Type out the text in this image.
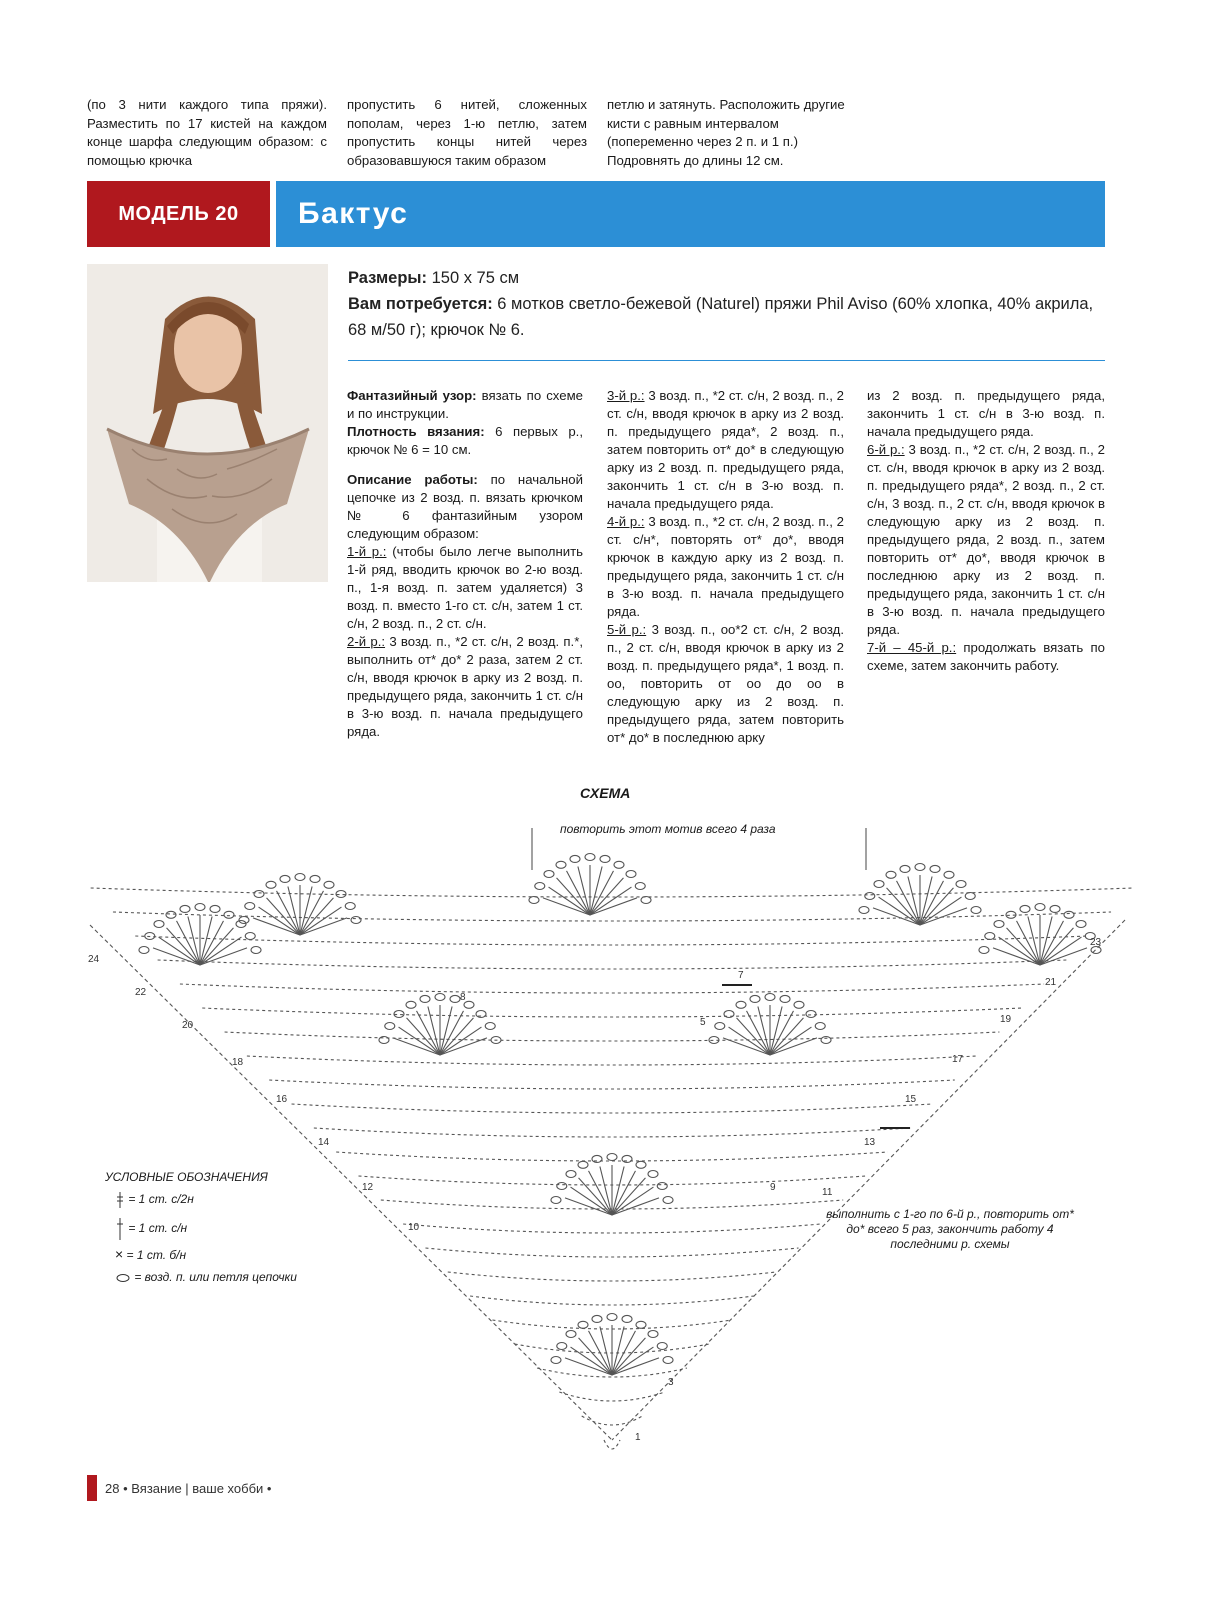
(по 3 нити каждого типа пряжи). Разместить по 17 кистей на каждом конце шарфа следующим образом: с помощью крючка
пропустить 6 нитей, сложенных пополам, через 1-ю петлю, затем пропустить концы нитей через образовавшуюся таким образом
петлю и затянуть. Расположить другие кисти с равным интервалом (попеременно через 2 п. и 1 п.) Подровнять до длины 12 см.
МОДЕЛЬ 20	Бактус
Размеры: 150 х 75 см
Вам потребуется: 6 мотков светло-бежевой (Naturel) пряжи Phil Aviso (60% хлопка, 40% акрила, 68 м/50 г); крючок № 6.

Фантазийный узор: вязать по схеме и по инструкции.

Плотность вязания: 6 первых р., крючок № 6 = 10 см.

Описание работы: по начальной цепочке из 2 возд. п. вязать крючком № 6 фантазийным узором следующим образом:

1-й р.: (чтобы было легче выполнить 1-й ряд, вводить крючок во 2-ю возд. п., 1-я возд. п. затем удаляется) 3 возд. п. вместо 1-го ст. с/н, затем 1 ст. с/н, 2 возд. п., 2 ст. с/н.

2-й р.: 3 возд. п., *2 ст. с/н, 2 возд. п.*, выполнить от* до* 2 раза, затем 2 ст. с/н, вводя крючок в арку из 2 возд. п. предыдущего ряда, закончить 1 ст. с/н в 3-ю возд. п. начала предыдущего ряда.

3-й р.: 3 возд. п., *2 ст. с/н, 2 возд. п., 2 ст. с/н, вводя крючок в арку из 2 возд. п. предыдущего ряда*, 2 возд. п., затем повторить от* до* в следующую арку из 2 возд. п. предыдущего ряда, закончить 1 ст. с/н в 3-ю возд. п. начала предыдущего ряда.

4-й р.: 3 возд. п., *2 ст. с/н, 2 возд. п., 2 ст. с/н*, повторять от* до*, вводя крючок в каждую арку из 2 возд. п. предыдущего ряда, закончить 1 ст. с/н в 3-ю возд. п. начала предыдущего ряда.

5-й р.: 3 возд. п., оо*2 ст. с/н, 2 возд. п., 2 ст. с/н, вводя крючок в арку из 2 возд. п. предыдущего ряда*, 1 возд. п. оо, повторить от оо до оо в следующую арку из 2 возд. п. предыдущего ряда, затем повторить от* до* в последнюю арку

из 2 возд. п. предыдущего ряда, закончить 1 ст. с/н в 3-ю возд. п. начала предыдущего ряда.

6-й р.: 3 возд. п., *2 ст. с/н, 2 возд. п., 2 ст. с/н, вводя крючок в арку из 2 возд. п. предыдущего ряда*, 2 возд. п., 2 ст. с/н, 3 возд. п., 2 ст. с/н, вводя крючок в следующую арку из 2 возд. п. предыдущего ряда, 2 возд. п., затем повторить от* до*, вводя крючок в последнюю арку из 2 возд. п. предыдущего ряда, закончить 1 ст. с/н в 3-ю возд. п. начала предыдущего ряда.

7-й – 45-й р.: продолжать вязать по схеме, затем закончить работу.

СХЕМА
повторить этот мотив всего 4 раза
1
3
5
7
8
9
10
11
12
13
14
15
16
17
18
19
20
21
22
23
24
выполнить с 1-го по 6-й р., повторить от* до* всего 5 раз, закончить работу 4 последними р. схемы
УСЛОВНЫЕ ОБОЗНАЧЕНИЯ
= 1 ст. с/2н
= 1 ст. с/н
× = 1 ст. б/н
= возд. п. или петля цепочки
28
• Вязание | ваше хобби •
